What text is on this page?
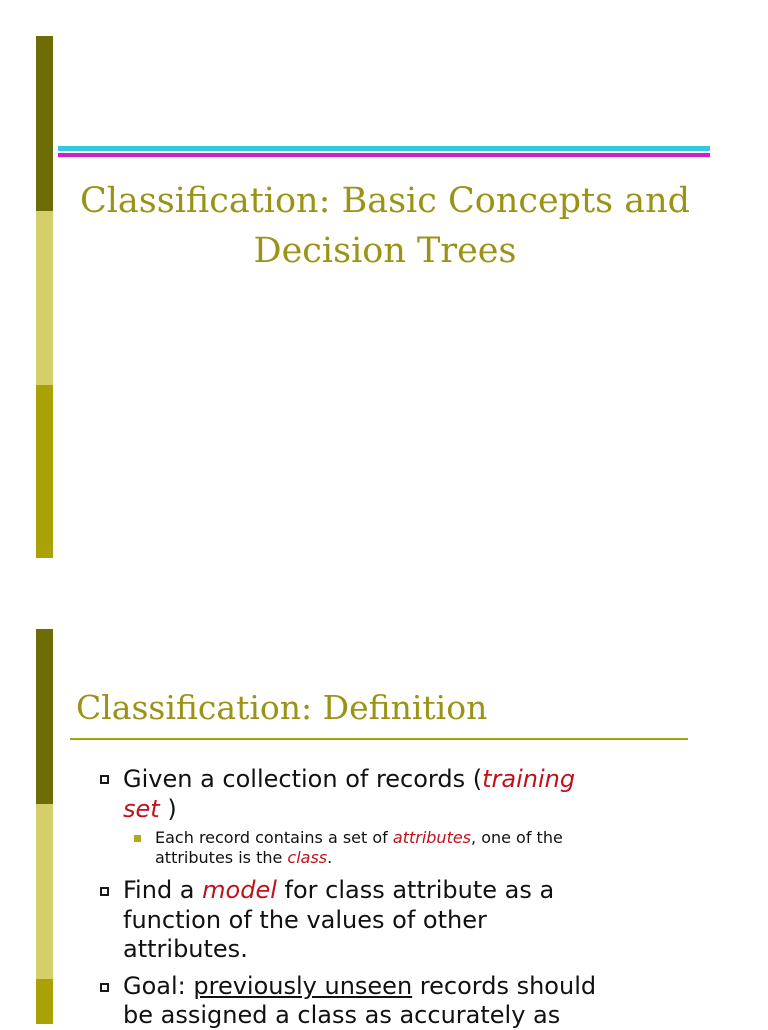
Classification: Basic Concepts and
Decision Trees
Classification: Definition
Given a collection of records (training
set )
Each record contains a set of attributes, one of the
attributes is the class.
Find a model for class attribute as a
function of the values of other
attributes.
Goal: previously unseen records should
be assigned a class as accurately as
